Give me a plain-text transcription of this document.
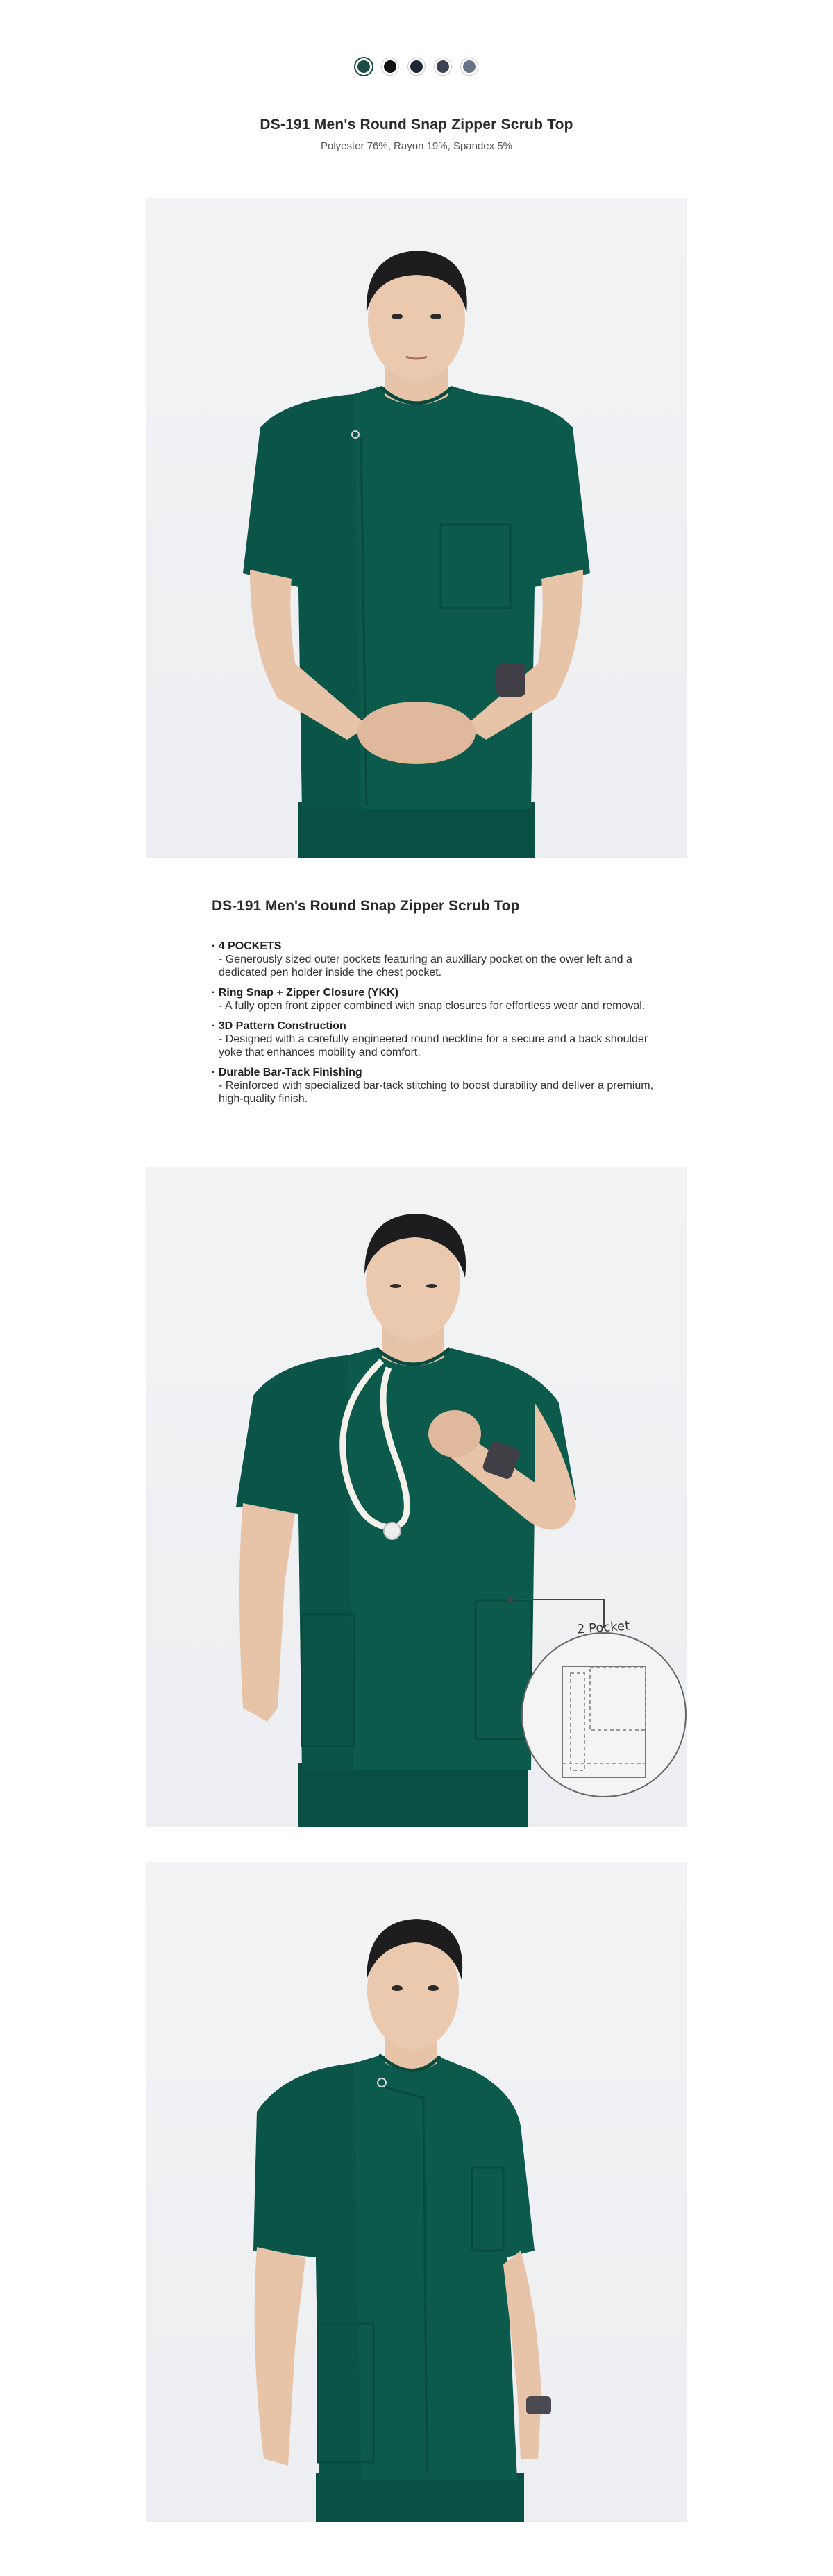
DS-191 Men's Round Snap Zipper Scrub Top
Polyester 76%, Rayon 19%, Spandex 5%
DS-191 Men's Round Snap Zipper Scrub Top
· 4 POCKETS
- Generously sized outer pockets featuring an auxiliary pocket on the ower left and a dedicated pen holder inside the chest pocket.
· Ring Snap + Zipper Closure (YKK)
- A fully open front zipper combined with snap closures for effortless wear and removal.
· 3D Pattern Construction
- Designed with a carefully engineered round neckline for a secure and a back shoulder yoke that enhances mobility and comfort.
· Durable Bar-Tack Finishing
- Reinforced with specialized bar-tack stitching to boost durability and deliver a premium, high-quality finish.
2 Pocket
